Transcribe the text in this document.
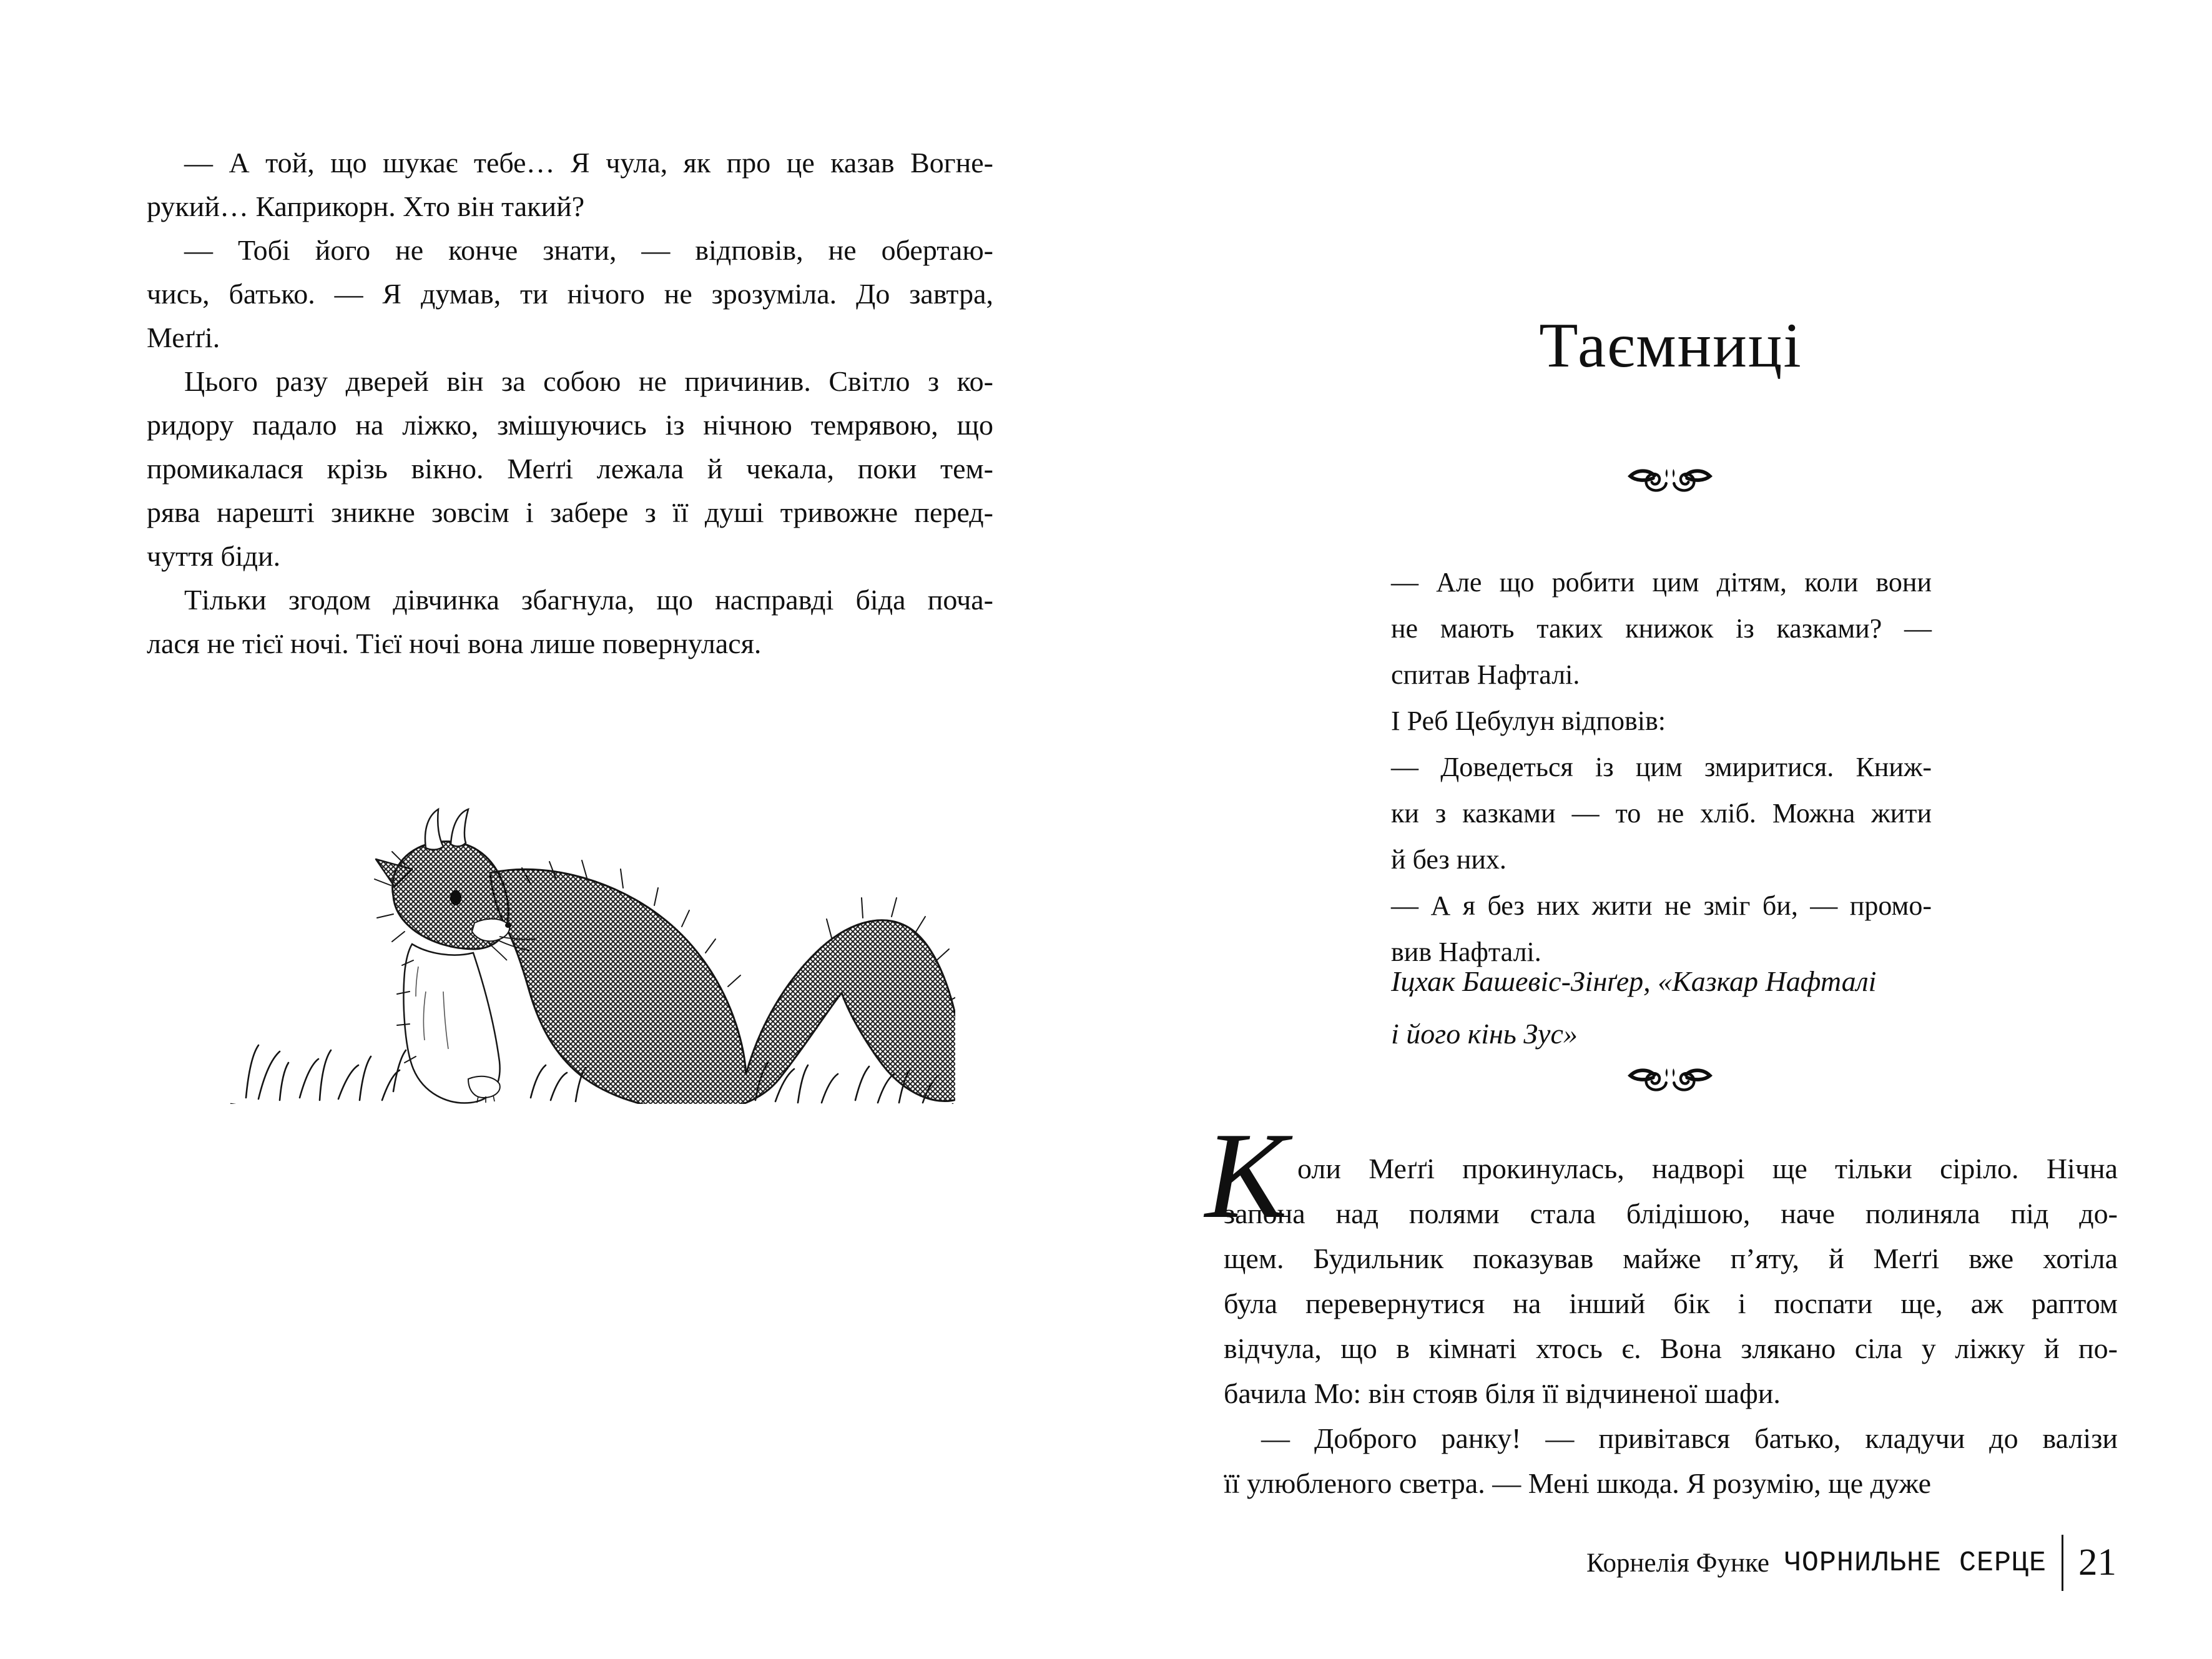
— А той, що шукає тебе… Я чула, як про це казав Вогне-
рукий… Каприкорн. Хто він такий?
— Тобі його не конче знати, — відповів, не обертаю-
чись, батько. — Я думав, ти нічого не зрозуміла. До завтра,
Меґґі.
Цього разу дверей він за собою не причинив. Світло з ко-
ридору падало на ліжко, змішуючись із нічною темрявою, що
промикалася крізь вікно. Меґґі лежала й чекала, поки тем-
рява нарешті зникне зовсім і забере з її душі тривожне перед-
чуття біди.
Тільки згодом дівчинка збагнула, що насправді біда поча-
лася не тієї ночі. Тієї ночі вона лише повернулася.
Таємниці
— Але що робити цим дітям, коли вони
не мають таких книжок із казками? —
спитав Нафталі.
І Реб Цебулун відповів:
— Доведеться із цим змиритися. Книж-
ки з казками — то не хліб. Можна жити
й без них.
— А я без них жити не зміг би, — промо-
вив Нафталі.
Іцхак Башевіс-Зінґер, «Казкар Нафталі
і його кінь Зус»
К оли Меґґі прокинулась, надворі ще тільки сіріло. Нічна
запона над полями стала блідішою, наче полиняла під до-
щем. Будильник показував майже п’яту, й Меґґі вже хотіла
була перевернутися на інший бік і поспати ще, аж раптом
відчула, що в кімнаті хтось є. Вона злякано сіла у ліжку й по-
бачила Мо: він стояв біля її відчиненої шафи.
— Доброго ранку! — привітався батько, кладучи до валізи
її улюбленого светра. — Мені шкода. Я розумію, ще дуже
Корнелія Функе ЧОРНИЛЬНЕ СЕРЦЕ 21
